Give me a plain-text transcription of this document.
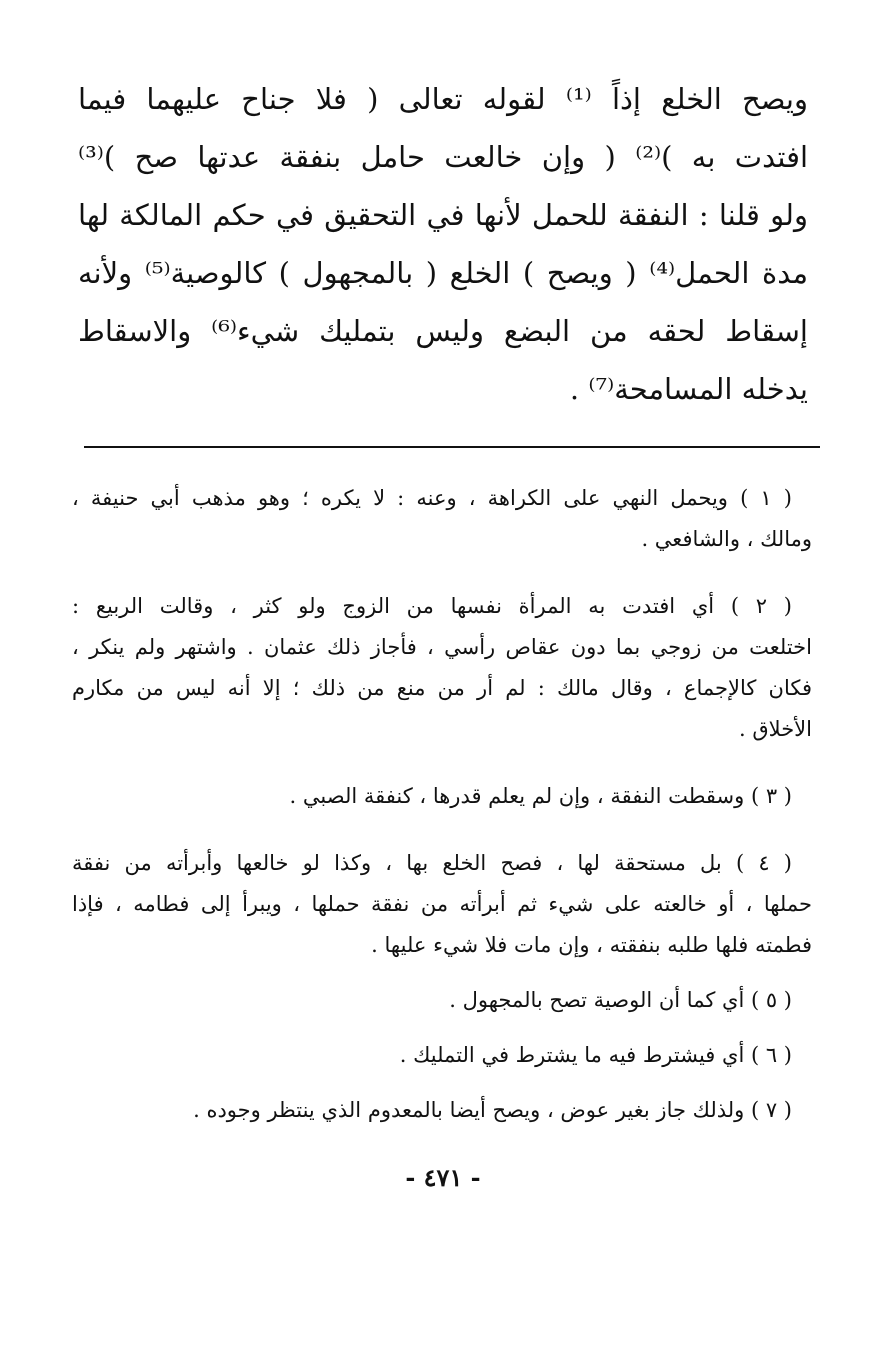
ويصح الخلع إذاً ⁽¹⁾ لقوله تعالى ( فلا جناح عليهما فيما
افتدت به )⁽²⁾ ( وإن خالعت حامل بنفقة عدتها صح )⁽³⁾
ولو قلنا : النفقة للحمل لأنها في التحقيق في حكم المالكة لها
مدة الحمل⁽⁴⁾ ( ويصح ) الخلع ( بالمجهول ) كالوصية⁽⁵⁾ ولأنه
إسقاط لحقه من البضع وليس بتمليك شيء⁽⁶⁾ والاسقاط
يدخله المسامحة⁽⁷⁾ .
( ١ ) ويحمل النهي على الكراهة ، وعنه : لا يكره ؛ وهو مذهب أبي حنيفة ،
ومالك ، والشافعي .
( ٢ ) أي افتدت به المرأة نفسها من الزوج ولو كثر ، وقالت الربيع :
اختلعت من زوجي بما دون عقاص رأسي ، فأجاز ذلك عثمان . واشتهر ولم ينكر ،
فكان كالإجماع ، وقال مالك : لم أر من منع من ذلك ؛ إلا أنه ليس من مكارم
الأخلاق .
( ٣ ) وسقطت النفقة ، وإن لم يعلم قدرها ، كنفقة الصبي .
( ٤ ) بل مستحقة لها ، فصح الخلع بها ، وكذا لو خالعها وأبرأته من نفقة
حملها ، أو خالعته على شيء ثم أبرأته من نفقة حملها ، ويبرأ إلى فطامه ، فإذا
فطمته فلها طلبه بنفقته ، وإن مات فلا شيء عليها .
( ٥ ) أي كما أن الوصية تصح بالمجهول .
( ٦ ) أي فيشترط فيه ما يشترط في التمليك .
( ٧ ) ولذلك جاز بغير عوض ، ويصح أيضا بالمعدوم الذي ينتظر وجوده .
- ٤٧١ -
